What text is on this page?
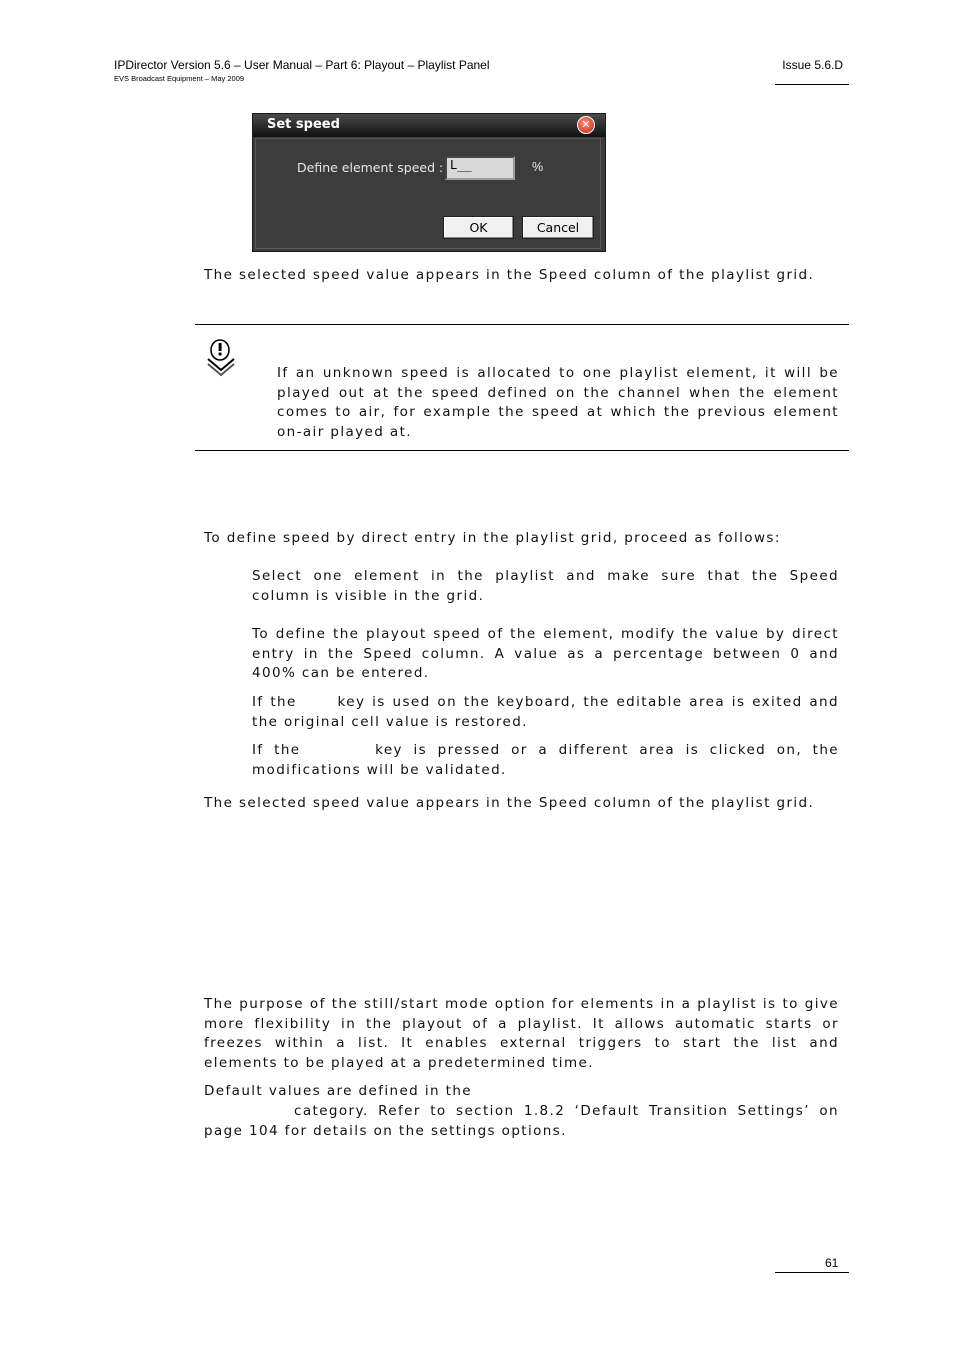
IPDirector Version 5.6 – User Manual – Part 6: Playout – Playlist Panel
EVS Broadcast Equipment – May 2009
Issue 5.6.D
Set speed	✕
Define element speed : L__	%
OK	Cancel
The selected speed value appears in the Speed column of the playlist grid.
If an unknown speed is allocated to one playlist element, it will be played out at the speed defined on the channel when the element comes to air, for example the speed at which the previous element on-air played at.
To define speed by direct entry in the playlist grid, proceed as follows:
Select one element in the playlist and make sure that the Speed column is visible in the grid.
To define the playout speed of the element, modify the value by direct entry in the Speed column. A value as a percentage between 0 and 400% can be entered.
If the	key is used on the keyboard, the editable area is exited and the original cell value is restored.
If the	key is pressed or a different area is clicked on, the modifications will be validated.
The selected speed value appears in the Speed column of the playlist grid.
The purpose of the still/start mode option for elements in a playlist is to give more flexibility in the playout of a playlist. It allows automatic starts or freezes within a list. It enables external triggers to start the list and elements to be played at a predetermined time.
Default values are defined in the
category. Refer to section 1.8.2 ‘Default Transition Settings’ on page 104 for details on the settings options.
61
